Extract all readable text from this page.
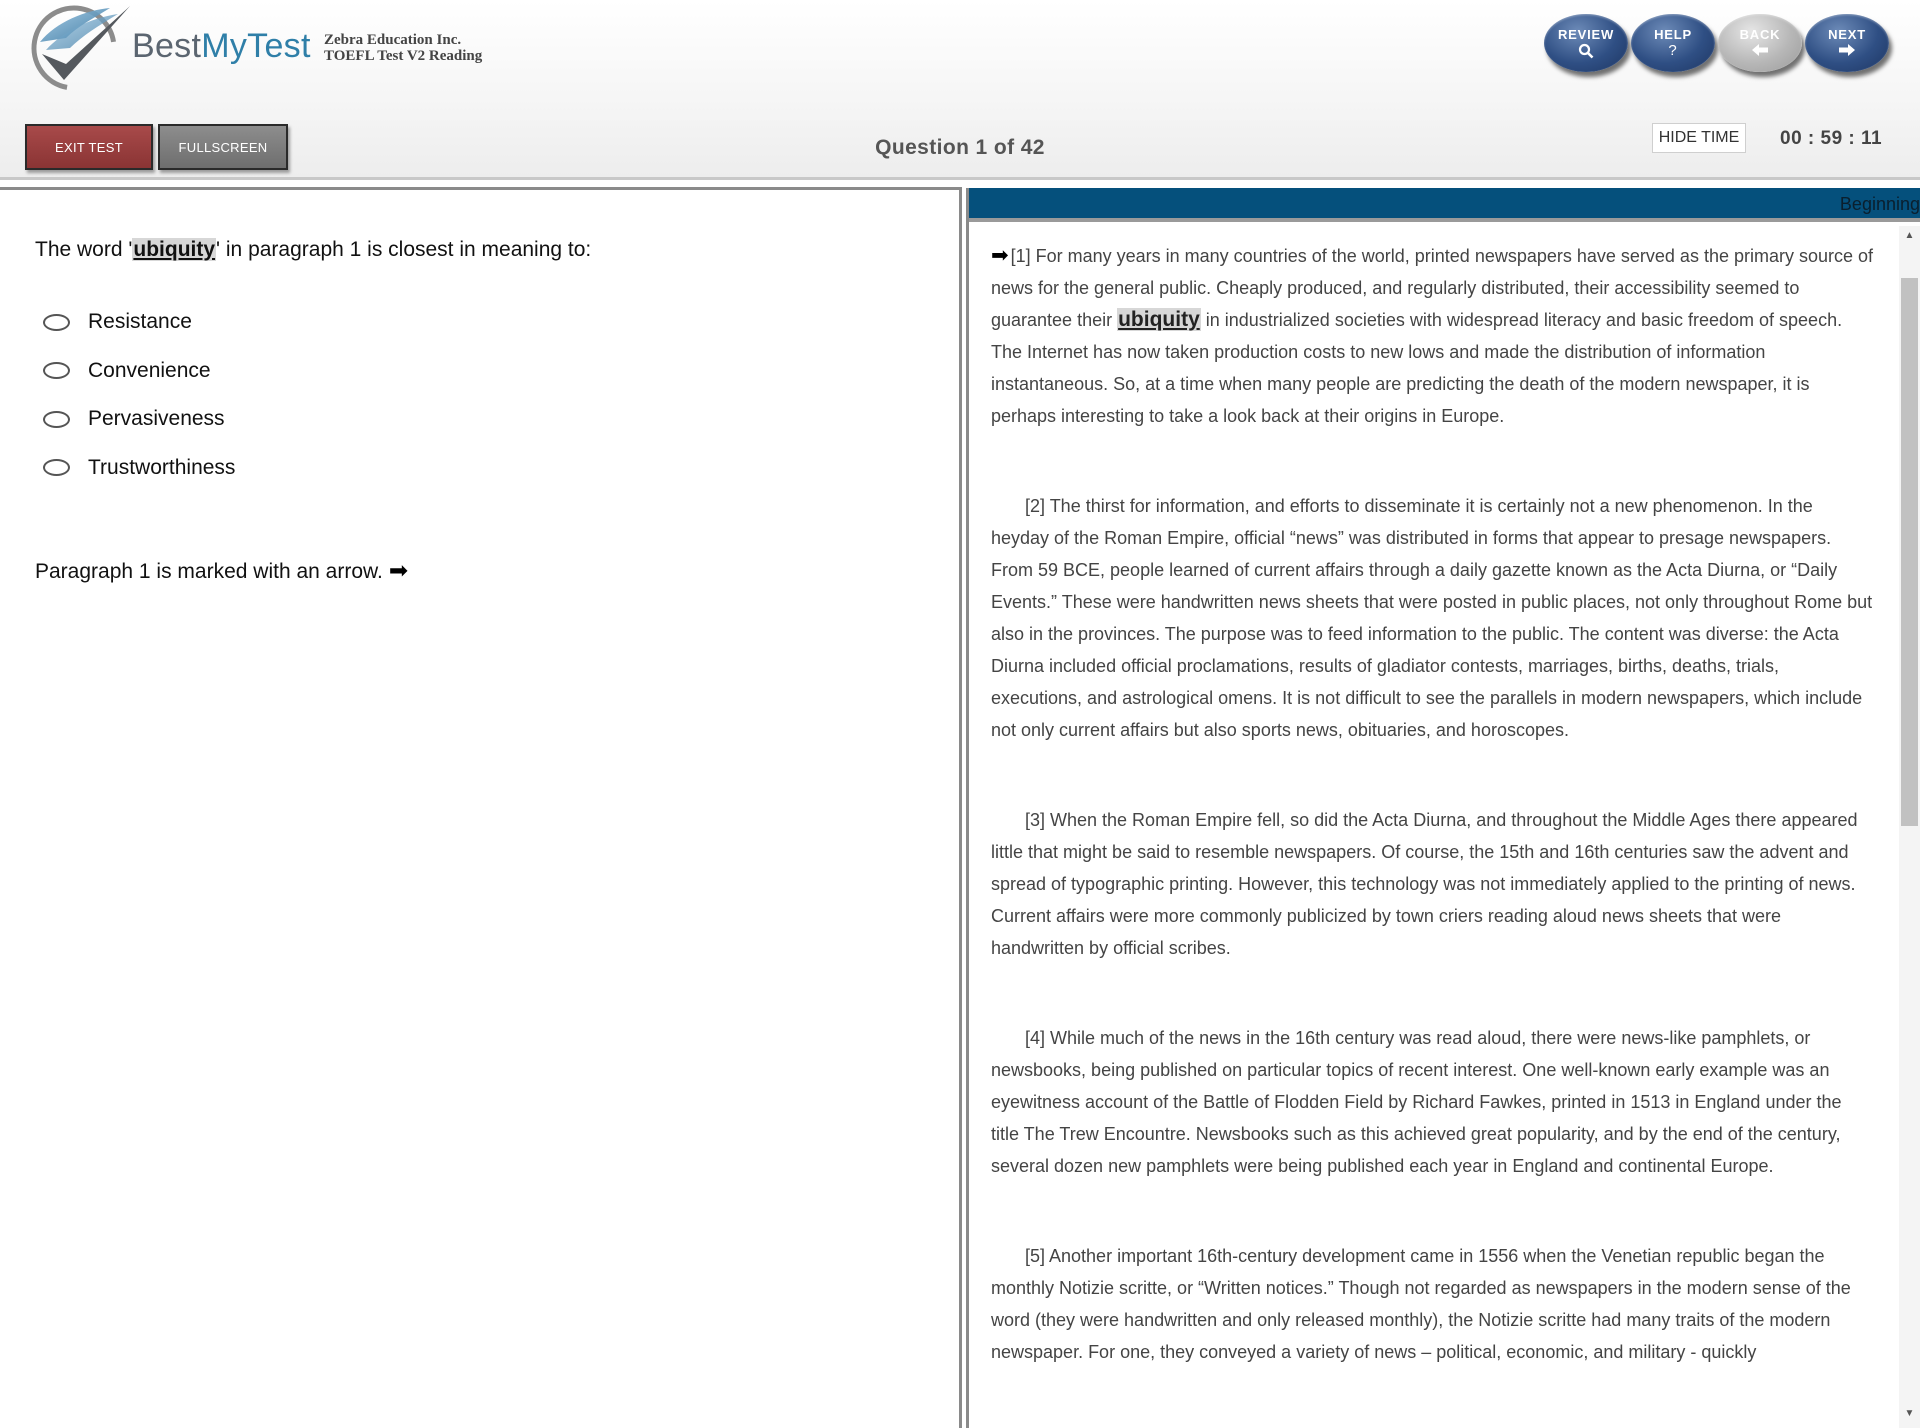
BestMyTest Zebra Education Inc.
TOEFL Test V2 Reading
REVIEW	HELP
?
BACK	NEXT
EXIT TEST	FULLSCREEN	Question 1 of 42	HIDE TIME	00 : 59 : 11
The word 'ubiquity' in paragraph 1 is closest in meaning to:
Resistance
Convenience
Pervasiveness
Trustworthiness
Paragraph 1 is marked with an arrow. ➡
Beginning

➡ [1] For many years in many countries of the world, printed newspapers have served as the primary source of news for the general public. Cheaply produced, and regularly distributed, their accessibility seemed to guarantee their ubiquity in industrialized societies with widespread literacy and basic freedom of speech. The Internet has now taken production costs to new lows and made the distribution of information instantaneous. So, at a time when many people are predicting the death of the modern newspaper, it is perhaps interesting to take a look back at their origins in Europe.

[2] The thirst for information, and efforts to disseminate it is certainly not a new phenomenon. In the heyday of the Roman Empire, official “news” was distributed in forms that appear to presage newspapers. From 59 BCE, people learned of current affairs through a daily gazette known as the Acta Diurna, or “Daily Events.” These were handwritten news sheets that were posted in public places, not only throughout Rome but also in the provinces. The purpose was to feed information to the public. The content was diverse: the Acta Diurna included official proclamations, results of gladiator contests, marriages, births, deaths, trials, executions, and astrological omens. It is not difficult to see the parallels in modern newspapers, which include not only current affairs but also sports news, obituaries, and horoscopes.

[3] When the Roman Empire fell, so did the Acta Diurna, and throughout the Middle Ages there appeared little that might be said to resemble newspapers. Of course, the 15th and 16th centuries saw the advent and spread of typographic printing. However, this technology was not immediately applied to the printing of news. Current affairs were more commonly publicized by town criers reading aloud news sheets that were handwritten by official scribes.

[4] While much of the news in the 16th century was read aloud, there were news-like pamphlets, or newsbooks, being published on particular topics of recent interest. One well-known early example was an eyewitness account of the Battle of Flodden Field by Richard Fawkes, printed in 1513 in England under the title The Trew Encountre. Newsbooks such as this achieved great popularity, and by the end of the century, several dozen new pamphlets were being published each year in England and continental Europe.

[5] Another important 16th-century development came in 1556 when the Venetian republic began the monthly Notizie scritte, or “Written notices.” Though not regarded as newspapers in the modern sense of the word (they were handwritten and only released monthly), the Notizie scritte had many traits of the modern newspaper. For one, they conveyed a variety of news – political, economic, and military - quickly

▲
▼
